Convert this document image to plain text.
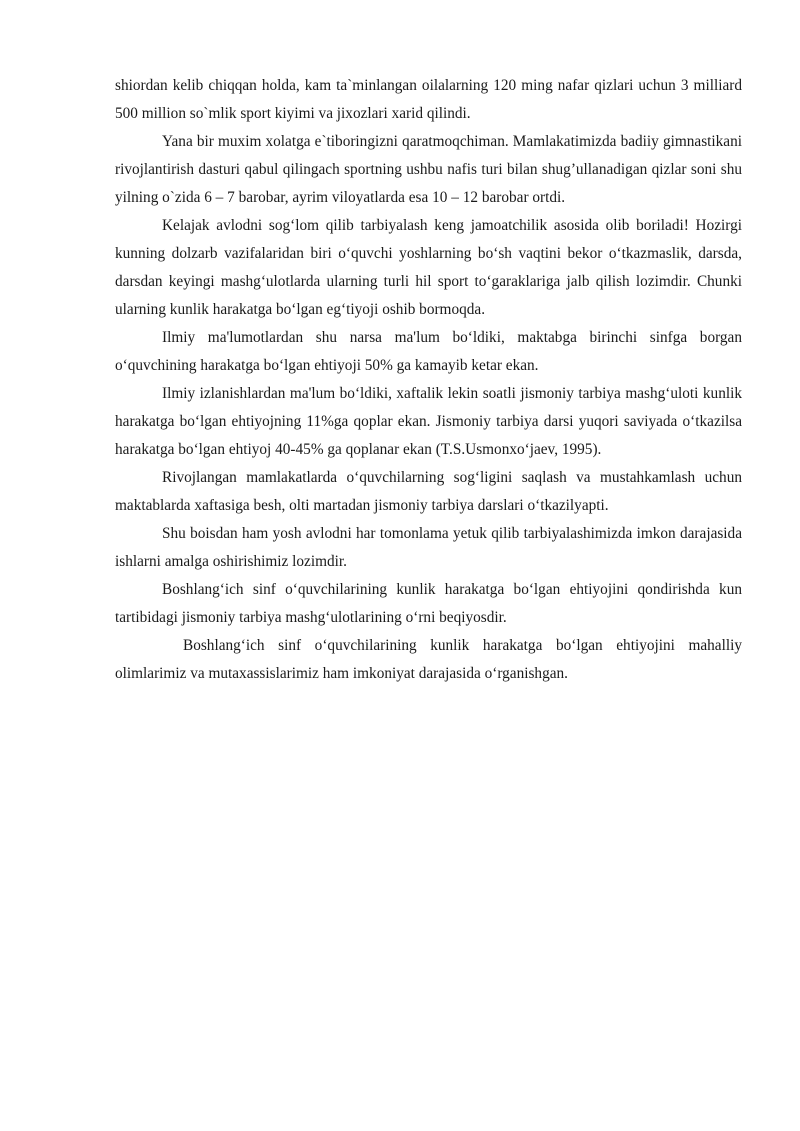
shiordan kelib chiqqan holda, kam ta`minlangan oilalarning 120 ming nafar qizlari uchun 3 milliard 500 million so`mlik sport kiyimi va jixozlari xarid qilindi.

Yana bir muxim xolatga e`tiboringizni qaratmoqchiman. Mamlakatimizda badiiy gimnastikani rivojlantirish dasturi qabul qilingach sportning ushbu nafis turi bilan shug’ullanadigan qizlar soni shu yilning o`zida 6 – 7 barobar, ayrim viloyatlarda esa 10 – 12 barobar ortdi.

Kelajak avlodni sog‘lom qilib tarbiyalash keng jamoatchilik asosida olib boriladi! Hozirgi kunning dolzarb vazifalaridan biri o‘quvchi yoshlarning bo‘sh vaqtini bekor o‘tkazmaslik, darsda, darsdan keyingi mashg‘ulotlarda ularning turli hil sport to‘garaklariga jalb qilish lozimdir. Chunki ularning kunlik harakatga bo‘lgan eg‘tiyoji oshib bormoqda.

Ilmiy ma'lumotlardan shu narsa ma'lum bo‘ldiki, maktabga birinchi sinfga borgan o‘quvchining harakatga bo‘lgan ehtiyoji 50% ga kamayib ketar ekan.

Ilmiy izlanishlardan ma'lum bo‘ldiki, xaftalik lekin soatli jismoniy tarbiya mashg‘uloti kunlik harakatga bo‘lgan ehtiyojning 11%ga qoplar ekan. Jismoniy tarbiya darsi yuqori saviyada o‘tkazilsa harakatga bo‘lgan ehtiyoj 40-45% ga qoplanar ekan (T.S.Usmonxo‘jaev, 1995).

Rivojlangan mamlakatlarda o‘quvchilarning sog‘ligini saqlash va mustahkamlash uchun maktablarda xaftasiga besh, olti martadan jismoniy tarbiya darslari o‘tkazilyapti.

Shu boisdan ham yosh avlodni har tomonlama yetuk qilib tarbiyalashimizda imkon darajasida ishlarni amalga oshirishimiz lozimdir.

Boshlang‘ich sinf o‘quvchilarining kunlik harakatga bo‘lgan ehtiyojini qondirishda kun tartibidagi jismoniy tarbiya mashg‘ulotlarining o‘rni beqiyosdir.

Boshlang‘ich sinf o‘quvchilarining kunlik harakatga bo‘lgan ehtiyojini mahalliy olimlarimiz va mutaxassislarimiz ham imkoniyat darajasida o‘rganishgan.
